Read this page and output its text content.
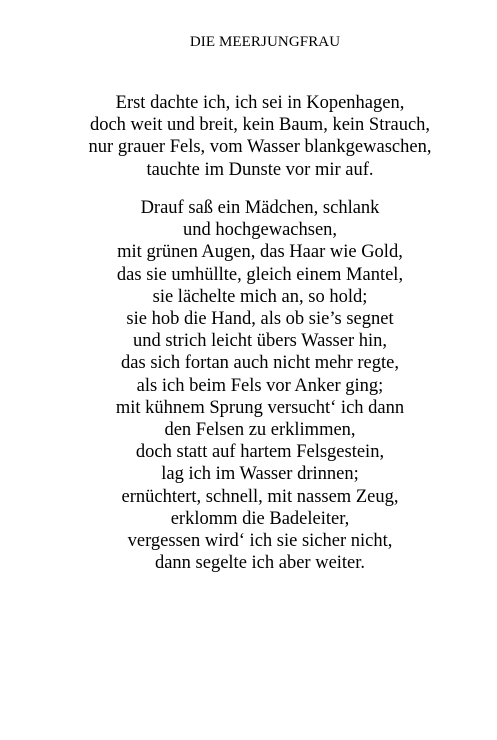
DIE MEERJUNGFRAU
Erst dachte ich, ich sei in Kopenhagen,
doch weit und breit, kein Baum, kein Strauch,
nur grauer Fels, vom Wasser blankgewaschen,
tauchte im Dunste vor mir auf.
Drauf saß ein Mädchen, schlank
und hochgewachsen,
mit grünen Augen, das Haar wie Gold,
das sie umhüllte, gleich einem Mantel,
sie lächelte mich an, so hold;
sie hob die Hand, als ob sie’s segnet
und strich leicht übers Wasser hin,
das sich fortan auch nicht mehr regte,
als ich beim Fels vor Anker ging;
mit kühnem Sprung versucht‘ ich dann
den Felsen zu erklimmen,
doch statt auf hartem Felsgestein,
lag ich im Wasser drinnen;
ernüchtert, schnell, mit nassem Zeug,
erklomm die Badeleiter,
vergessen wird‘ ich sie sicher nicht,
dann segelte ich aber weiter.
